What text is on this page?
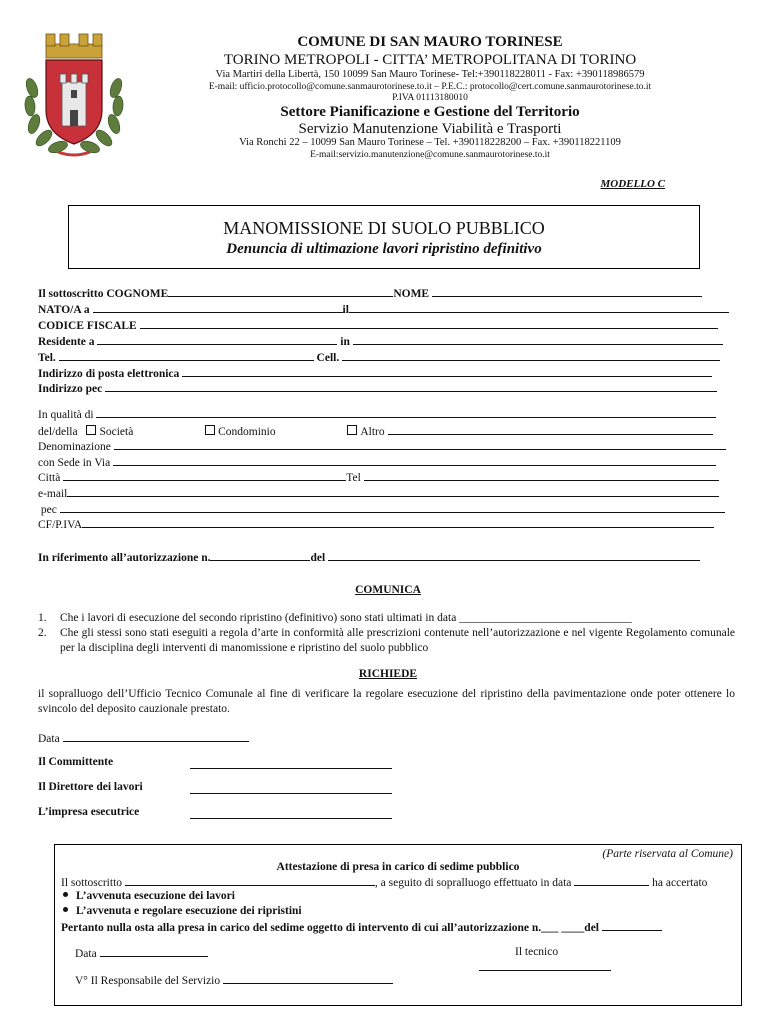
COMUNE DI SAN MAURO TORINESE
TORINO METROPOLI - CITTA’ METROPOLITANA DI TORINO
Via Martiri della Libertà, 150 10099 San Mauro Torinese- Tel:+390118228011 - Fax: +390118986579
E-mail: ufficio.protocollo@comune.sanmaurotorinese.to.it – P.E.C.: protocollo@cert.comune.sanmaurotorinese.to.it
P.IVA 01113180010
Settore Pianificazione e Gestione del Territorio
Servizio Manutenzione Viabilità e Trasporti
Via Ronchi 22 – 10099 San Mauro Torinese – Tel. +390118228200 – Fax. +390118221109
E-mail:servizio.manutenzione@comune.sanmaurotorinese.to.it
MODELLO C
MANOMISSIONE DI SUOLO PUBBLICO
Denuncia di ultimazione lavori ripristino definitivo
Il sottoscritto COGNOME	NOME
NATO/A a	il
CODICE FISCALE
Residente a	in
Tel.	Cell.
Indirizzo di posta elettronica
Indirizzo pec
In qualità di
del/della Società	Condominio	Altro
Denominazione
con Sede in Via
Città	Tel
e-mail
pec
CF/P.IVA
In riferimento all’autorizzazione n.	del
COMUNICA
1.	Che i lavori di esecuzione del secondo ripristino (definitivo) sono stati ultimati in data ______________________________
2.	Che gli stessi sono stati eseguiti a regola d’arte in conformità alle prescrizioni contenute nell’autorizzazione e nel vigente Regolamento comunale per la disciplina degli interventi di manomissione e ripristino del suolo pubblico
RICHIEDE
il sopralluogo dell’Ufficio Tecnico Comunale al fine di verificare la regolare esecuzione del ripristino della pavimentazione onde poter ottenere lo svincolo del deposito cauzionale prestato.
Data
Il Committente
Il Direttore dei lavori
L’impresa esecutrice
(Parte riservata al Comune)
Attestazione di presa in carico di sedime pubblico
Il sottoscritto	, a seguito di sopralluogo effettuato in data	ha accertato
L’avvenuta esecuzione dei lavori
L’avvenuta e regolare esecuzione dei ripristini
Pertanto nulla osta alla presa in carico del sedime oggetto di intervento di cui all’autorizzazione n.___ ____del
Data	Il tecnico
V° Il Responsabile del Servizio
